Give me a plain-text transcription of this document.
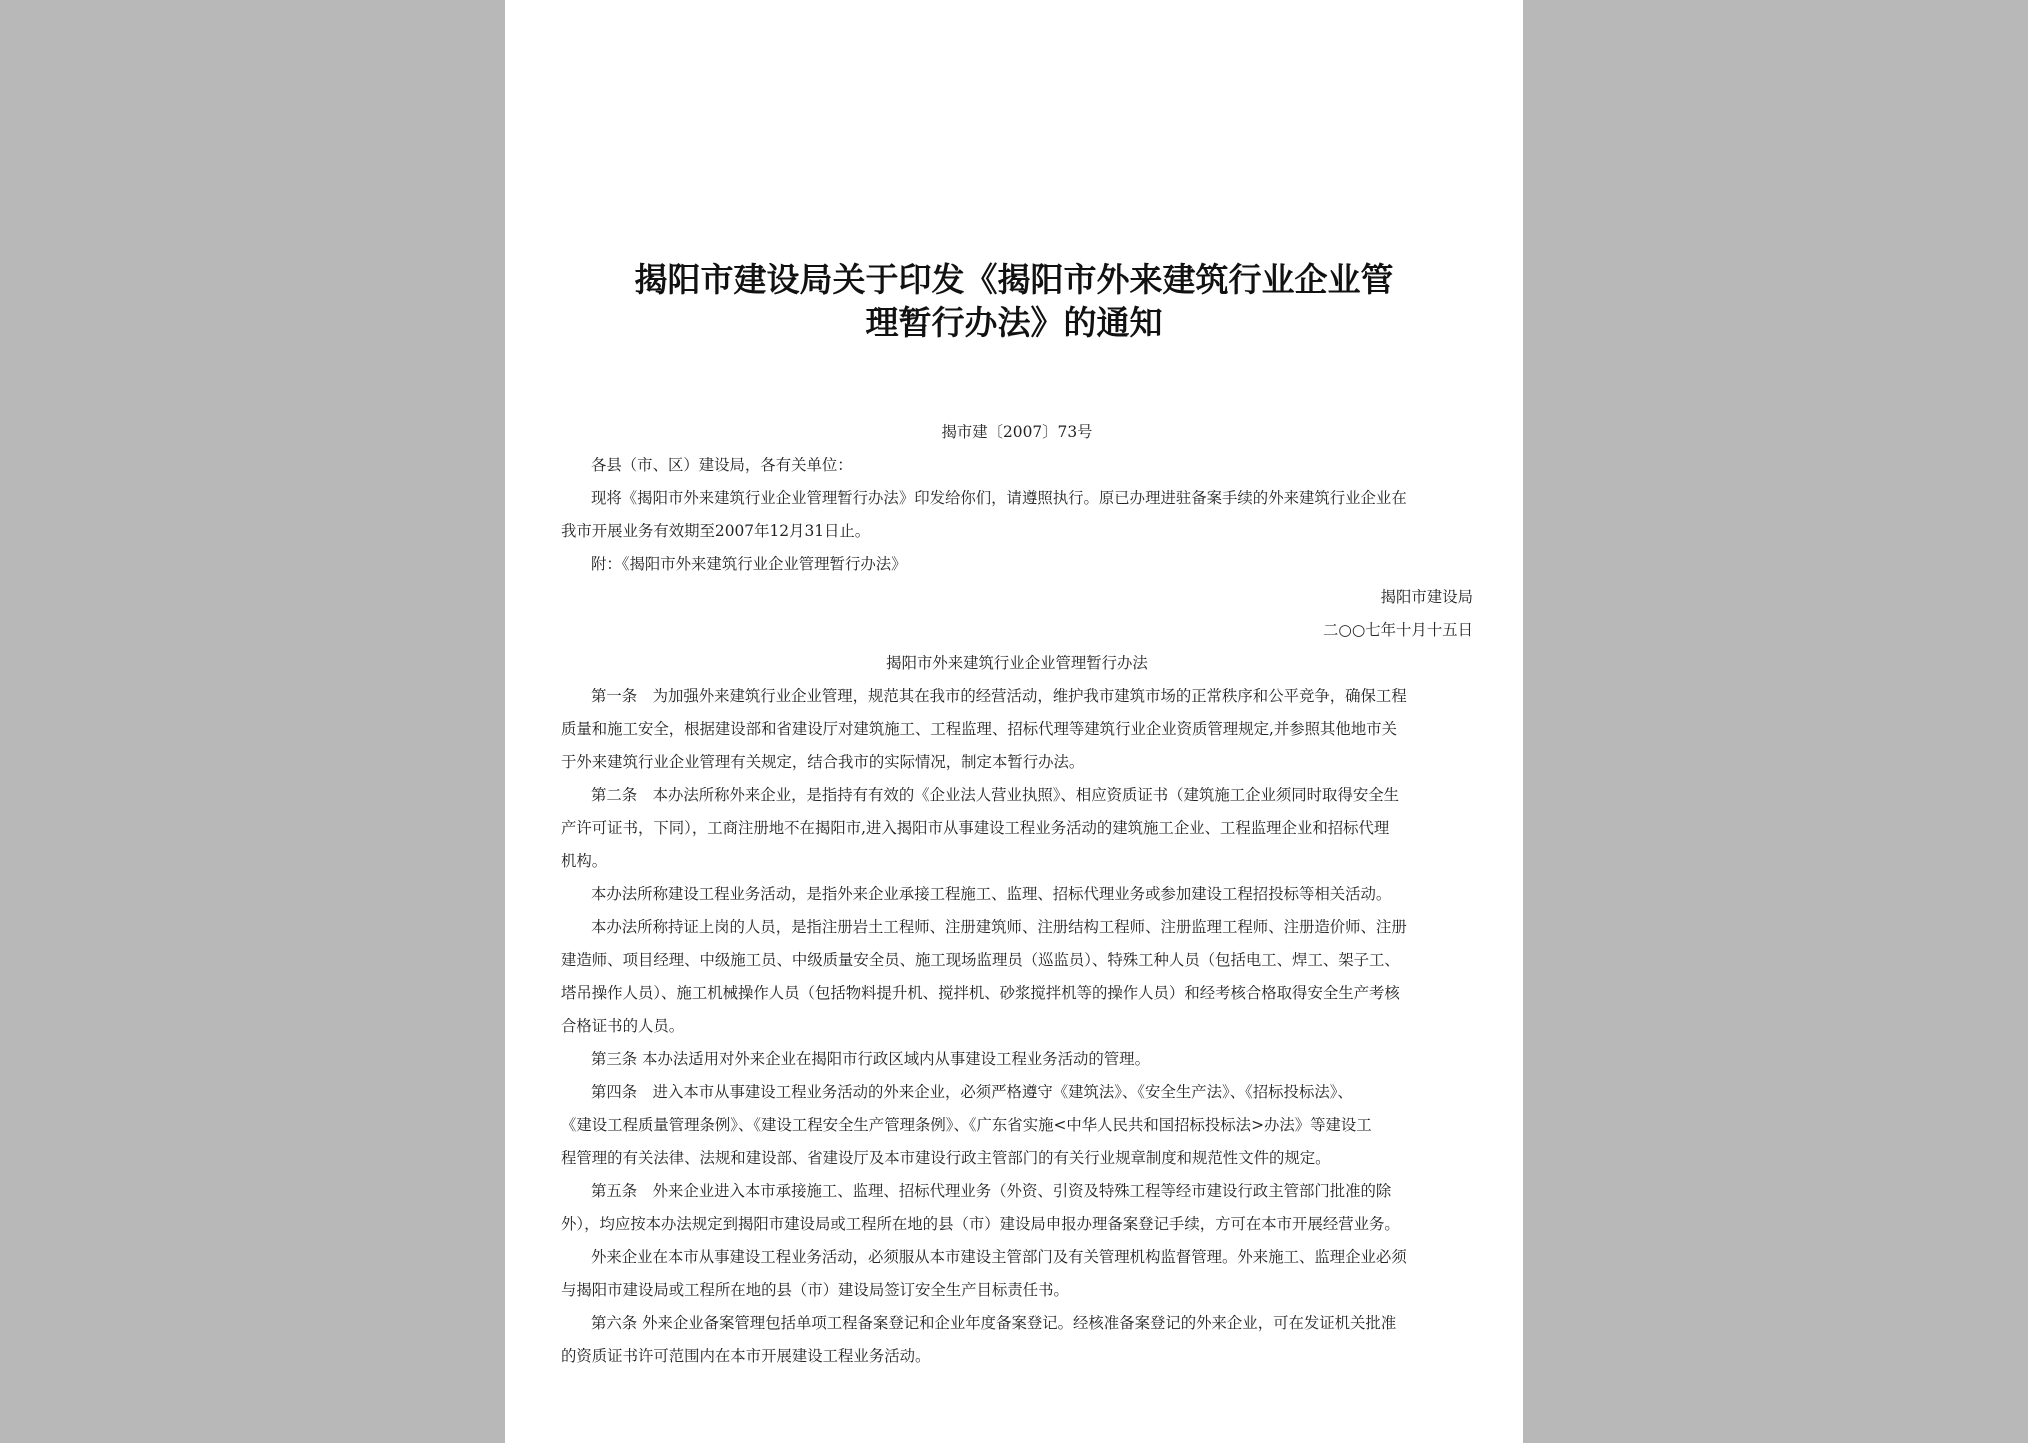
揭阳市建设局关于印发《揭阳市外来建筑行业企业管
理暂行办法》的通知
揭市建〔2007〕73号
各县（市、区）建设局，各有关单位：
现将《揭阳市外来建筑行业企业管理暂行办法》印发给你们，请遵照执行。原已办理进驻备案手续的外来建筑行业企业在
我市开展业务有效期至2007年12月31日止。
附：《揭阳市外来建筑行业企业管理暂行办法》
揭阳市建设局
二○○七年十月十五日
揭阳市外来建筑行业企业管理暂行办法
第一条　为加强外来建筑行业企业管理，规范其在我市的经营活动，维护我市建筑市场的正常秩序和公平竞争，确保工程
质量和施工安全，根据建设部和省建设厅对建筑施工、工程监理、招标代理等建筑行业企业资质管理规定,并参照其他地市关
于外来建筑行业企业管理有关规定，结合我市的实际情况，制定本暂行办法。
第二条　本办法所称外来企业，是指持有有效的《企业法人营业执照》、相应资质证书（建筑施工企业须同时取得安全生
产许可证书，下同），工商注册地不在揭阳市,进入揭阳市从事建设工程业务活动的建筑施工企业、工程监理企业和招标代理
机构。
本办法所称建设工程业务活动，是指外来企业承接工程施工、监理、招标代理业务或参加建设工程招投标等相关活动。
本办法所称持证上岗的人员，是指注册岩土工程师、注册建筑师、注册结构工程师、注册监理工程师、注册造价师、注册
建造师、项目经理、中级施工员、中级质量安全员、施工现场监理员（巡监员）、特殊工种人员（包括电工、焊工、架子工、
塔吊操作人员）、施工机械操作人员（包括物料提升机、搅拌机、砂浆搅拌机等的操作人员）和经考核合格取得安全生产考核
合格证书的人员。
第三条 本办法适用对外来企业在揭阳市行政区域内从事建设工程业务活动的管理。
第四条　进入本市从事建设工程业务活动的外来企业，必须严格遵守《建筑法》、《安全生产法》、《招标投标法》、
《建设工程质量管理条例》、《建设工程安全生产管理条例》、《广东省实施<中华人民共和国招标投标法>办法》等建设工
程管理的有关法律、法规和建设部、省建设厅及本市建设行政主管部门的有关行业规章制度和规范性文件的规定。
第五条　外来企业进入本市承接施工、监理、招标代理业务（外资、引资及特殊工程等经市建设行政主管部门批准的除
外），均应按本办法规定到揭阳市建设局或工程所在地的县（市）建设局申报办理备案登记手续，方可在本市开展经营业务。
外来企业在本市从事建设工程业务活动，必须服从本市建设主管部门及有关管理机构监督管理。外来施工、监理企业必须
与揭阳市建设局或工程所在地的县（市）建设局签订安全生产目标责任书。
第六条 外来企业备案管理包括单项工程备案登记和企业年度备案登记。经核准备案登记的外来企业，可在发证机关批准
的资质证书许可范围内在本市开展建设工程业务活动。
